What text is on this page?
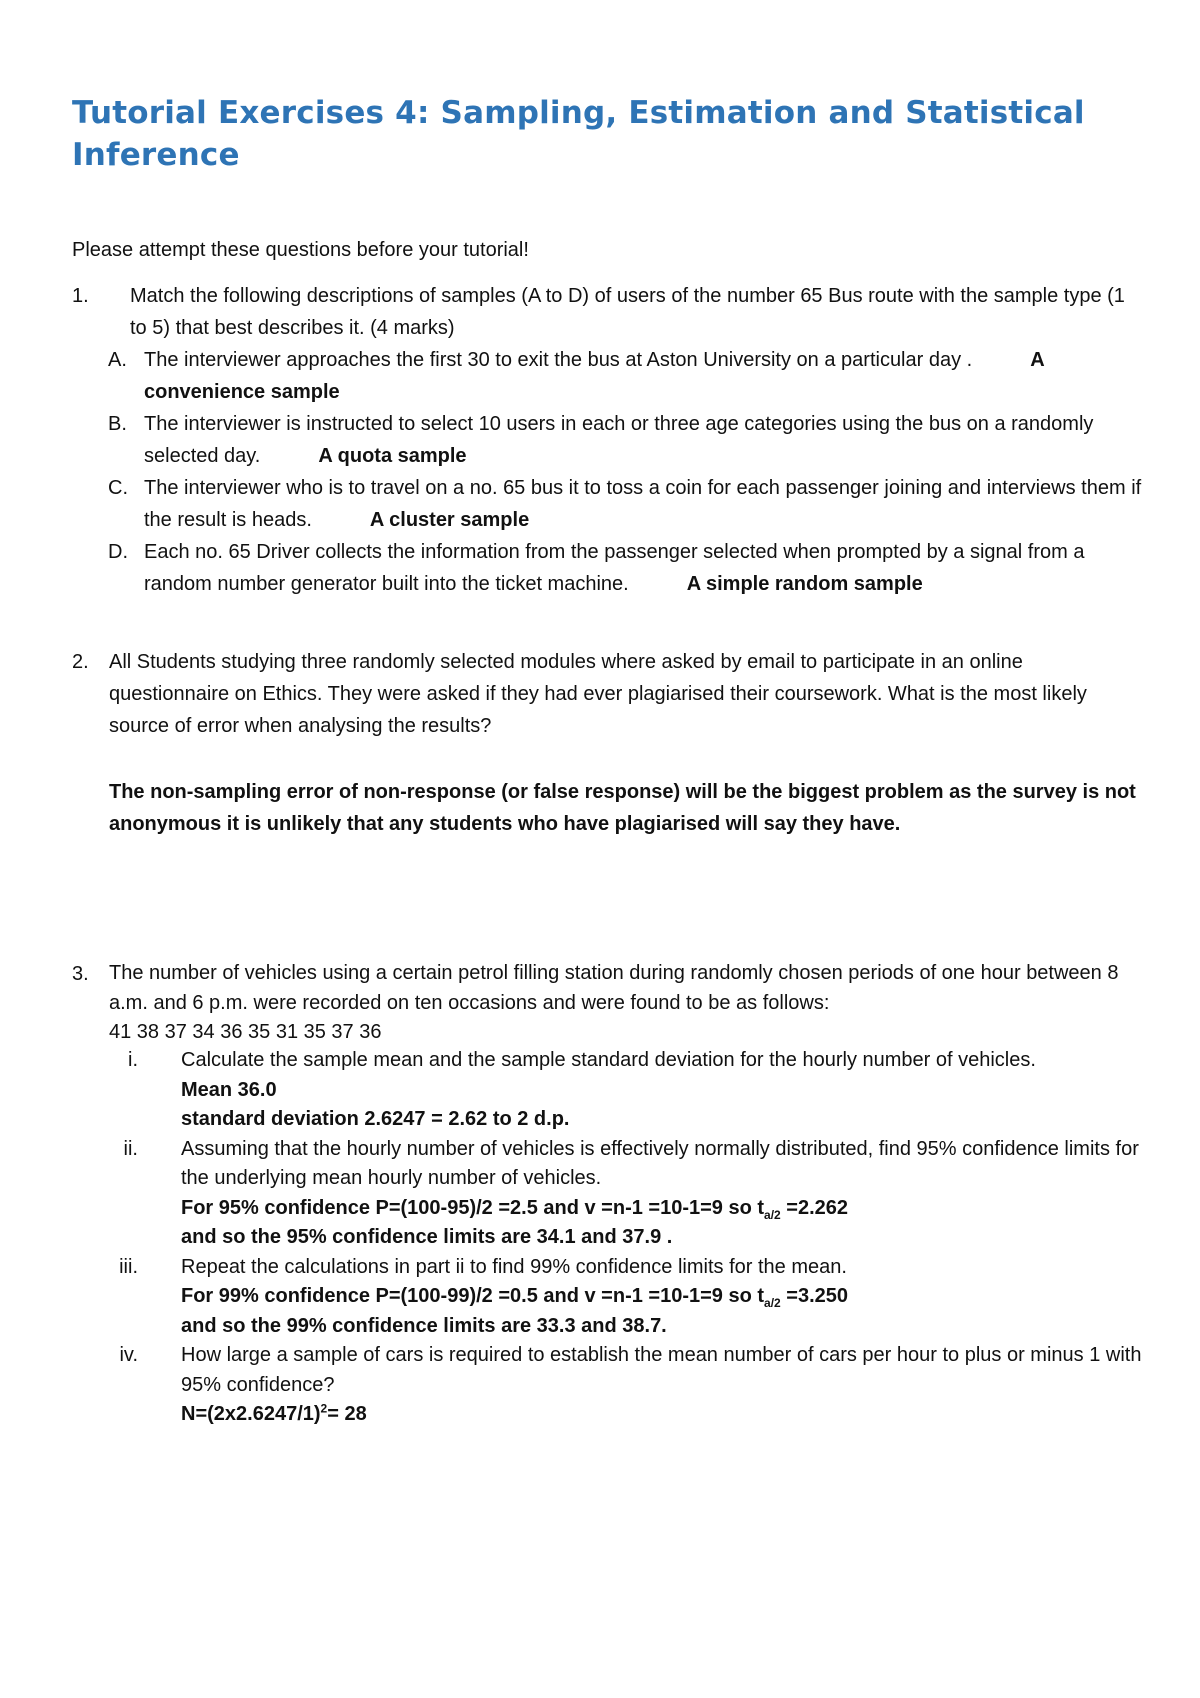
Tutorial Exercises 4: Sampling, Estimation and Statistical Inference

Please attempt these questions before your tutorial!

1.	Match the following descriptions of samples (A to D) of users of the number 65 Bus route with the sample type (1 to 5) that best describes it. (4 marks)

A. The interviewer approaches the first 30 to exit the bus at Aston University on a particular day .	A convenience sample
B. The interviewer is instructed to select 10 users in each or three age categories using the bus on a randomly selected day.	A quota sample
C. The interviewer who is to travel on a no. 65 bus it to toss a coin for each passenger joining and interviews them if the result is heads.	A cluster sample
D. Each no. 65 Driver collects the information from the passenger selected when prompted by a signal from a random number generator built into the ticket machine.	A simple random sample
2.	All Students studying three randomly selected modules where asked by email to participate in an online questionnaire on Ethics. They were asked if they had ever plagiarised their coursework. What is the most likely source of error when analysing the results?

The non-sampling error of non-response (or false response) will be the biggest problem as the survey is not anonymous it is unlikely that any students who have plagiarised will say they have.

3.	The number of vehicles using a certain petrol filling station during randomly chosen periods of one hour between 8 a.m. and 6 p.m. were recorded on ten occasions and were found to be as follows:

41 38 37 34 36 35 31 35 37 36

i. Calculate the sample mean and the sample standard deviation for the hourly number of vehicles.

Mean 36.0

standard deviation 2.6247 = 2.62 to 2 d.p.

ii. Assuming that the hourly number of vehicles is effectively normally distributed, find 95% confidence limits for the underlying mean hourly number of vehicles.

For 95% confidence P=(100-95)/2 =2.5 and v =n-1 =10-1=9 so $t_{a/2} =2.262$

and so the 95% confidence limits are 34.1 and 37.9 .

iii. Repeat the calculations in part ii to find 99% confidence limits for the mean.

For 99% confidence P=(100-99)/2 =0.5 and v =n-1 =10-1=9 so $t_{a/2} =3.250$

and so the 99% confidence limits are 33.3 and 38.7.

iv. How large a sample of cars is required to establish the mean number of cars per hour to plus or minus 1 with 95% confidence?

$N=(2x2.6247/1)^2= 28$
